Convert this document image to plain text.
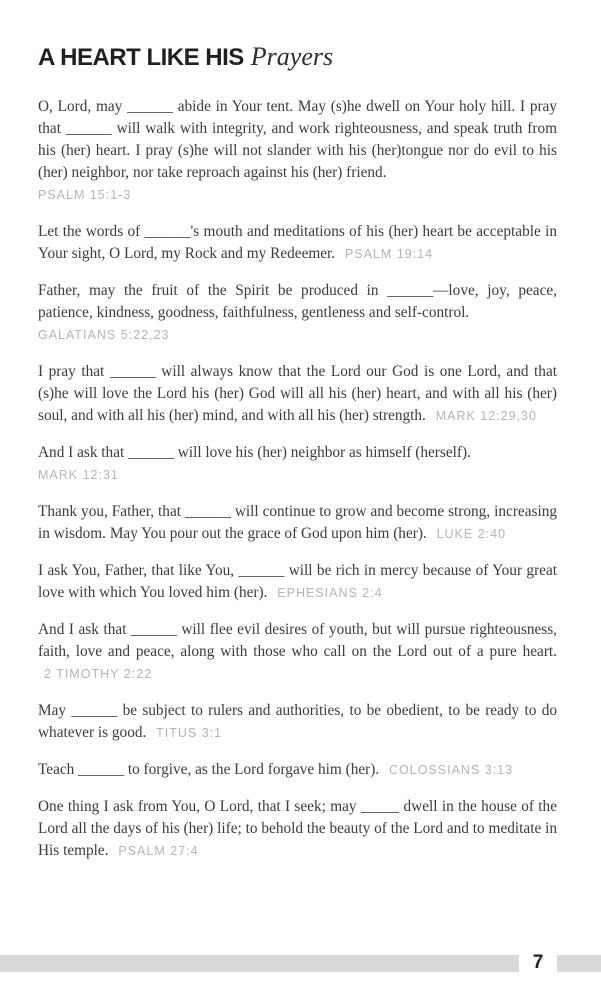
A HEART LIKE HIS Prayers

O, Lord, may ______ abide in Your tent. May (s)he dwell on Your holy hill. I pray that ______ will walk with integrity, and work righteousness, and speak truth from his (her) heart. I pray (s)he will not slander with his (her)tongue nor do evil to his (her) neighbor, nor take reproach against his (her) friend.
PSALM 15:1-3

Let the words of ______'s mouth and meditations of his (her) heart be acceptable in Your sight, O Lord, my Rock and my Redeemer. PSALM 19:14

Father, may the fruit of the Spirit be produced in ______—love, joy, peace, patience, kindness, goodness, faithfulness, gentleness and self-control.
GALATIANS 5:22,23

I pray that ______ will always know that the Lord our God is one Lord, and that (s)he will love the Lord his (her) God will all his (her) heart, and with all his (her) soul, and with all his (her) mind, and with all his (her) strength. MARK 12:29,30

And I ask that ______ will love his (her) neighbor as himself (herself).
MARK 12:31

Thank you, Father, that ______ will continue to grow and become strong, increasing in wisdom. May You pour out the grace of God upon him (her). LUKE 2:40

I ask You, Father, that like You, ______ will be rich in mercy because of Your great love with which You loved him (her). EPHESIANS 2:4

And I ask that ______ will flee evil desires of youth, but will pursue righteousness, faith, love and peace, along with those who call on the Lord out of a pure heart. 2 TIMOTHY 2:22

May ______ be subject to rulers and authorities, to be obedient, to be ready to do whatever is good. TITUS 3:1

Teach ______ to forgive, as the Lord forgave him (her). COLOSSIANS 3:13

One thing I ask from You, O Lord, that I seek; may _____ dwell in the house of the Lord all the days of his (her) life; to behold the beauty of the Lord and to meditate in His temple. PSALM 27:4

7
